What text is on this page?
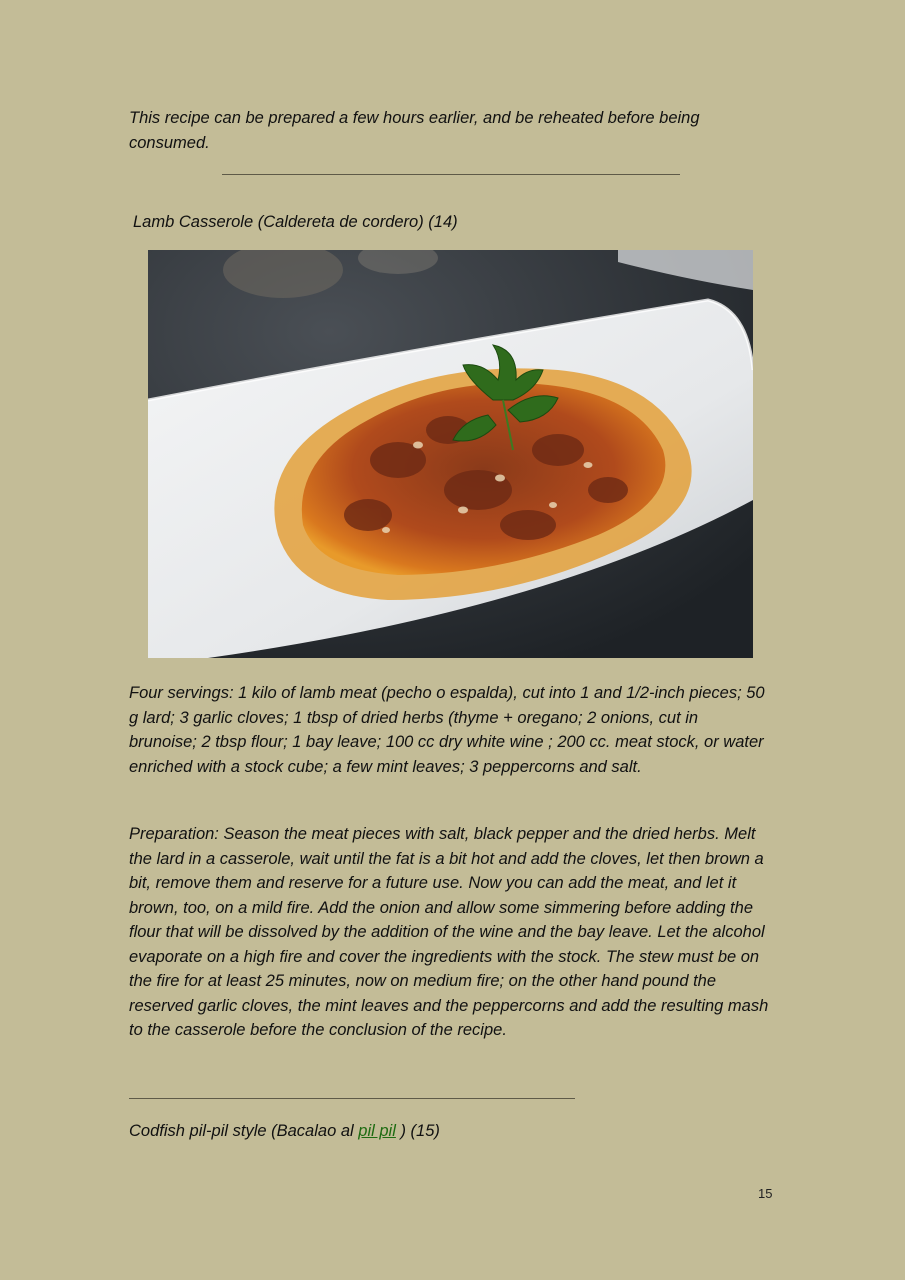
This recipe can be prepared a few hours earlier, and be reheated before being consumed.

Lamb Casserole (Caldereta de cordero) (14)

Four servings: 1 kilo of lamb meat (pecho o espalda), cut into 1 and 1/2-inch pieces; 50 g lard; 3 garlic cloves; 1 tbsp of dried herbs (thyme + oregano; 2 onions, cut in brunoise; 2 tbsp flour; 1 bay leave; 100 cc dry white wine ; 200 cc. meat stock, or water enriched with a stock cube; a few mint leaves; 3 peppercorns and salt.

Preparation: Season the meat pieces with salt, black pepper and the dried herbs. Melt the lard in a casserole, wait until the fat is a bit hot and add the cloves, let then brown a bit, remove them and reserve for a future use. Now you can add the meat, and let it brown, too, on a mild fire. Add the onion and allow some simmering before adding the flour that will be dissolved by the addition of the wine and the bay leave. Let the alcohol evaporate on a high fire and cover the ingredients with the stock. The stew must be on the fire for at least 25 minutes, now on medium fire; on the other hand pound the reserved garlic cloves, the mint leaves and the peppercorns and add the resulting mash to the casserole before the conclusion of the recipe.

Codfish pil-pil style (Bacalao al pil pil ) (15)

15
